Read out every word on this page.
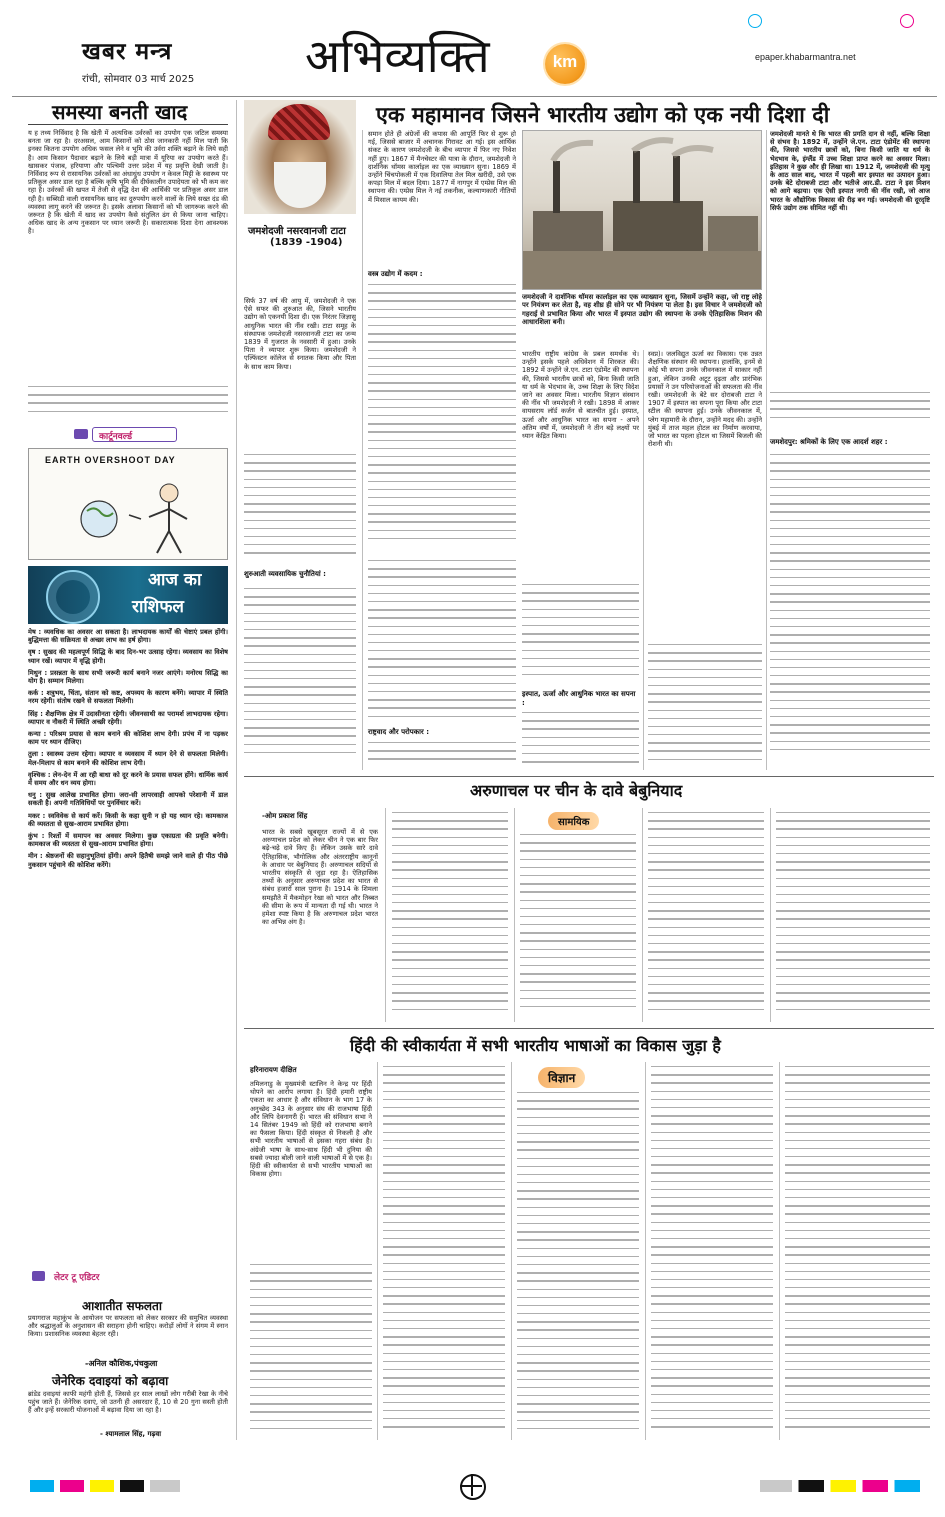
खबर मन्त्र
रांची, सोमवार 03 मार्च 2025 अभिव्यक्ति	km	epaper.khabarmantra.net
समस्या बनती खाद
य ह तथ्य निर्विवाद है कि खेती में अत्यधिक उर्वरकों का उपयोग एक जटिल समस्या बनता जा रहा है। दरअसल, आम किसानों को ठोस जानकारी नहीं मिल पाती कि इनका कितना उपयोग अधिक फसल लेने व भूमि की उर्वरा शक्ति बढ़ाने के लिये सही है। आम किसान पैदावार बढ़ाने के लिये बड़ी मात्रा में यूरिया का उपयोग करते हैं। खासकर पंजाब, हरियाणा और पश्चिमी उत्तर प्रदेश में यह प्रवृत्ति देखी जाती है। निर्विवाद रूप से रासायनिक उर्वरकों का अंधाधुंध उपयोग न केवल मिट्टी के स्वास्थ्य पर प्रतिकूल असर डाल रहा है बल्कि कृषि भूमि की दीर्घकालीन उपादेयता को भी कम कर रहा है। उर्वरकों की खपत में तेजी से वृद्धि देश की आर्थिकी पर प्रतिकूल असर डाल रही है। सब्सिडी वाली रासायनिक खाद का दुरुपयोग करने वालों के लिये सख्त दंड की व्यवस्था लागू करने की जरूरत है। इसके अलावा किसानों को भी जागरूक करने की जरूरत है कि खेती में खाद का उपयोग कैसे संतुलित ढंग से किया जाना चाहिए। अधिक खाद के अन्य नुकसान पर ध्यान जरूरी है। सकारात्मक दिशा देना आवश्यक है।
कार्टूनवर्ल्ड
EARTH OVERSHOOT DAY
आज का
राशिफल

मेष : व्यवधिक का अवसर आ सकता है। लाभदायक कार्यों की चेष्टाएं प्रबल होंगी। बुद्धिमत्ता की सक्रियता से अच्छा लाभ का हर्ष होगा।

वृष : सुखद की महत्वपूर्ण सिद्धि के बाद दिन-भर उत्साह रहेगा। व्यवसाय का विशेष ध्यान रखें। व्यापार में वृद्धि होगी।

मिथुन : प्रसन्नता के साथ सभी जरूरी कार्य बनाने नजर आएंगे। मनोरथ सिद्धि का योग है। सम्मान मिलेगा।

कर्क : शत्रुभय, चिंता, संतान को कष्ट, अपव्यय के कारण बनेंगे। व्यापार में स्थिति नरम रहेगी। संतोष रखने से सफलता मिलेगी।

सिंह : शैक्षणिक क्षेत्र में उदासीनता रहेगी। जीवनसाथी का परामर्श लाभदायक रहेगा। व्यापार व नौकरी में स्थिति अच्छी रहेगी।

कन्या : परिश्रम प्रयास से काम बनाने की कोशिश लाभ देगी। प्रपंच में ना पड़कर काम पर ध्यान दीजिए।

तुला : स्वास्थ्य उत्तम रहेगा। व्यापार व व्यवसाय में ध्यान देने से सफलता मिलेगी। मेल-मिलाप से काम बनाने की कोशिश लाभ देगी।

वृश्चिक : लेन-देन में आ रही बाधा को दूर करने के प्रयास सफल होंगे। धार्मिक कार्य में समय और धन व्यय होगा।

धनु : सुख आलेख प्रभावित होगा। जरा-सी लापरवाही आपको परेशानी में डाल सकती है। अपनी गतिविधियों पर पुनर्विचार करें।

मकर : स्वविवेक से कार्य करें। किसी के कहा सुनी न हो यह ध्यान रहे। कामकाज की व्यस्तता से सुख-आराम प्रभावित होगा।

कुंभ : रिश्तों में समापन का अवसर मिलेगा। कुछ एकाग्रता की प्रवृति बनेगी। कामकाज की व्यस्तता से सुख-आराम प्रभावित होगा।

मीन : श्रेष्ठजनों की सहानुभूतियां होंगी। अपने हितैषी समझे जाने वाले ही पीठ पीछे नुकसान पहुंचाने की कोशिश करेंगे।

लेटर टू एडिटर
आशातीत सफलता
प्रयागराज महाकुंभ के आयोजन पर सफलता को लेकर सरकार की समुचित व्यवस्था और श्रद्धालुओं के अनुशासन की सराहना होनी चाहिए। करोड़ों लोगों ने संगम में स्नान किया। प्रशासनिक व्यवस्था बेहतर रही।
-अनिल कौशिक,पंचकुला
जेनेरिक दवाइयां को बढ़ावा
ब्रांडेड दवाइयां काफी महंगी होती हैं, जिससे हर साल लाखों लोग गरीबी रेखा के नीचे पहुंच जाते हैं। जेनेरिक दवाएं, जो उतनी ही असरदार हैं, 10 से 20 गुना सस्ती होती हैं और इन्हें सरकारी योजनाओं में बढ़ावा दिया जा रहा है।
- श्यामलाल सिंह, गढ़वा
एक महामानव जिसने भारतीय उद्योग को एक नयी दिशा दी
जमशेदजी नसरवानजी टाटा
(1839 -1904)
सिर्फ 37 वर्ष की आयु में, जमशेदजी ने एक ऐसे सफर की शुरुआत की, जिसने भारतीय उद्योग को एकनयी दिशा दी। एक निरंतर जिज्ञासु आधुनिक भारत की नींव रखी। टाटा समूह के संस्थापक जमशेदजी नसरवानजी टाटा का जन्म 1839 में गुजरात के नवसारी में हुआ। उनके पिता ने व्यापार शुरू किया। जमशेदजी ने एल्फिंस्टन कॉलेज से स्नातक किया और पिता के साथ काम किया।
शुरुआती व्यवसायिक चुनौतियां :
समान होते ही अंग्रेजों की कपास की आपूर्ति फिर से शुरू हो गई, जिससे बाजार में अचानक गिरावट आ गई। इस आर्थिक संकट के कारण जमशेदजी के बीच व्यापार में फिर नए निवेश नहीं हुए। 1867 में मैनचेस्टर की यात्रा के दौरान, जमशेदजी ने दार्शनिक थॉमस कार्लाइल का एक व्याख्यान सुना। 1869 में उन्होंने चिंचपोकली में एक दिवालिया तेल मिल खरीदी, उसे एक कपड़ा मिल में बदल दिया। 1877 में नागपुर में एम्प्रेस मिल की स्थापना की। एम्प्रेस मिल ने नई तकनीक, कल्याणकारी नीतियों में मिसाल कायम की।
वस्त्र उद्योग में कदम :
राष्ट्रवाद और परोपकार :
जमशेदजी ने दार्शनिक थॉमस कार्लाइल का एक व्याख्यान सुना, जिसमें उन्होंने कहा, जो राष्ट्र लोहे पर नियंत्रण कर लेता है, वह शीघ्र ही सोने पर भी नियंत्रण पा लेता है। इस विचार ने जमशेदजी को गहराई से प्रभावित किया और भारत में इस्पात उद्योग की स्थापना के उनके ऐतिहासिक मिशन की आधारशिला बनी।
जमशेदजी मानते थे कि भारत की प्रगति दान से नहीं, बल्कि शिक्षा से संभव है। 1892 में, उन्होंने जे.एन. टाटा एंडोमेंट की स्थापना की, जिससे भारतीय छात्रों को, बिना किसी जाति या धर्म के भेदभाव के, इंग्लैंड में उच्च शिक्षा प्राप्त करने का अवसर मिला। इतिहास ने कुछ और ही लिखा था। 1912 में, जमशेदजी की मृत्यु के आठ साल बाद, भारत में पहली बार इस्पात का उत्पादन हुआ। उनके बेटे दोराबजी टाटा और भतीजे आर.डी. टाटा ने इस मिशन को आगे बढ़ाया। एक ऐसी इस्पात नगरी की नींव रखी, जो आज भारत के औद्योगिक विकास की रीढ़ बन गई। जमशेदजी की दूरदृष्टि सिर्फ उद्योग तक सीमित नहीं थी।
जमशेदपुर: श्रमिकों के लिए एक आदर्श शहर :
भारतीय राष्ट्रीय कांग्रेस के प्रबल समर्थक थे। उन्होंने इसके पहले अधिवेशन में शिरकत की। 1892 में उन्होंने जे.एन. टाटा एंडोमेंट की स्थापना की, जिससे भारतीय छात्रों को, बिना किसी जाति या धर्म के भेदभाव के, उच्च शिक्षा के लिए विदेश जाने का अवसर मिला। भारतीय विज्ञान संस्थान की नींव भी जमशेदजी ने रखी। 1898 में आकर वायसराय लॉर्ड कर्जन से बातचीत हुई। इस्पात, ऊर्जा और आधुनिक भारत का सपना - अपने अंतिम वर्षों में, जमशेदजी ने तीन बड़े लक्ष्यों पर ध्यान केंद्रित किया।
इस्पात, ऊर्जा और आधुनिक भारत का सपना :
स्वप्न)। जलविद्युत ऊर्जा का विकास। एक उन्नत शैक्षणिक संस्थान की स्थापना। हालांकि, इनमें से कोई भी सपना उनके जीवनकाल में साकार नहीं हुआ, लेकिन उनकी अटूट दृढ़ता और प्रारंभिक प्रयासों ने उन परियोजनाओं की सफलता की नींव रखी। जमशेदजी के बेटे सर दोराबजी टाटा ने 1907 में इस्पात का सपना पूरा किया और टाटा स्टील की स्थापना हुई। उनके जीवनकाल में, प्लेग महामारी के दौरान, उन्होंने मदद की। उन्होंने मुंबई में ताज महल होटल का निर्माण करवाया, जो भारत का पहला होटल था जिसमें बिजली की रोशनी थी।
अरुणाचल पर चीन के दावे बेबुनियाद
-ओम प्रकाश सिंह
सामयिक
भारत के सबसे खूबसूरत राज्यों में से एक अरुणाचल प्रदेश को लेकर चीन ने एक बार फिर बढ़े-चढ़े दावे किए हैं। लेकिन उसके सारे दावे ऐतिहासिक, भौगोलिक और अंतरराष्ट्रीय कानूनों के आधार पर बेबुनियाद हैं। अरुणाचल सदियों से भारतीय संस्कृति से जुड़ा रहा है। ऐतिहासिक तथ्यों के अनुसार अरुणाचल प्रदेश का भारत से संबंध हजारों साल पुराना है। 1914 के शिमला समझौते में मैकमोहन रेखा को भारत और तिब्बत की सीमा के रूप में मान्यता दी गई थी। भारत ने हमेशा स्पष्ट किया है कि अरुणाचल प्रदेश भारत का अभिन्न अंग है।
हिंदी की स्वीकार्यता में सभी भारतीय भाषाओं का विकास जुड़ा है
हरिनारायण दीक्षित
विज्ञान
तमिलनाडु के मुख्यमंत्री स्टालिन ने केन्द्र पर हिंदी थोपने का आरोप लगाया है। हिंदी हमारी राष्ट्रीय एकता का आधार है और संविधान के भाग 17 के अनुच्छेद 343 के अनुसार संघ की राजभाषा हिंदी और लिपि देवनागरी है। भारत की संविधान सभा ने 14 सितंबर 1949 को हिंदी को राजभाषा बनाने का फैसला किया। हिंदी संस्कृत से निकली है और सभी भारतीय भाषाओं से इसका गहरा संबंध है। अंग्रेजी भाषा के साथ-साथ हिंदी भी दुनिया की सबसे ज्यादा बोली जाने वाली भाषाओं में से एक है। हिंदी की स्वीकार्यता से सभी भारतीय भाषाओं का विकास होगा।
